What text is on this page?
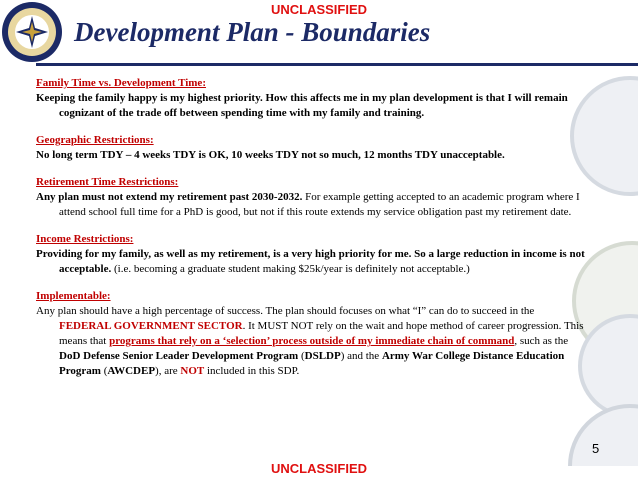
UNCLASSIFIED
Development Plan - Boundaries
Family Time vs. Development Time:
Keeping the family happy is my highest priority. How this affects me in my plan development is that I will remain cognizant of the trade off between spending time with my family and training.
Geographic Restrictions:
No long term TDY – 4 weeks TDY is OK, 10 weeks TDY not so much, 12 months TDY unacceptable.
Retirement Time Restrictions:
Any plan must not extend my retirement past 2030-2032. For example getting accepted to an academic program where I attend school full time for a PhD is good, but not if this route extends my service obligation past my retirement date.
Income Restrictions:
Providing for my family, as well as my retirement, is a very high priority for me. So a large reduction in income is not acceptable. (i.e. becoming a graduate student making $25k/year is definitely not acceptable.)
Implementable:
Any plan should have a high percentage of success. The plan should focuses on what “I” can do to succeed in the FEDERAL GOVERNMENT SECTOR. It MUST NOT rely on the wait and hope method of career progression. This means that programs that rely on a ‘selection’ process outside of my immediate chain of command, such as the DoD Defense Senior Leader Development Program (DSLDP) and the Army War College Distance Education Program (AWCDEP), are NOT included in this SDP.
5
UNCLASSIFIED
